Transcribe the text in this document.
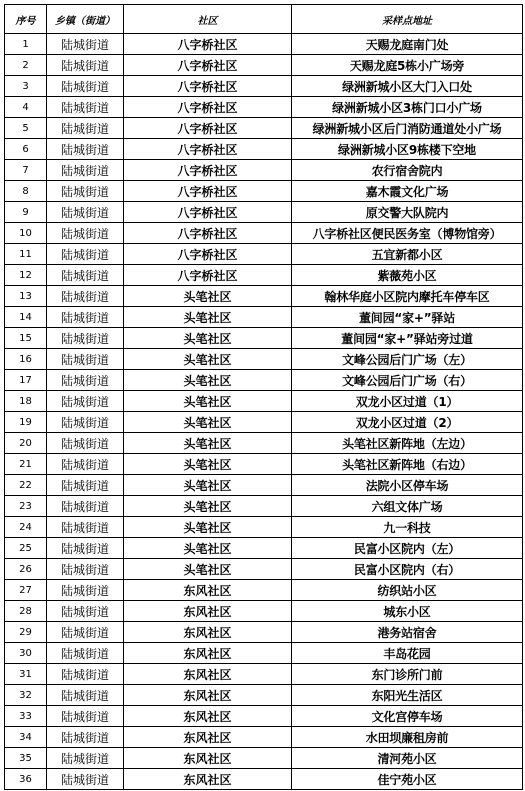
序号	乡镇（街道）	社区	采样点地址
1	陆城街道	八字桥社区	天赐龙庭南门处
2	陆城街道	八字桥社区	天赐龙庭5栋小广场旁
3	陆城街道	八字桥社区	绿洲新城小区大门入口处
4	陆城街道	八字桥社区	绿洲新城小区3栋门口小广场
5	陆城街道	八字桥社区	绿洲新城小区后门消防通道处小广场
6	陆城街道	八字桥社区	绿洲新城小区9栋楼下空地
7	陆城街道	八字桥社区	农行宿舍院内
8	陆城街道	八字桥社区	嘉木霞文化广场
9	陆城街道	八字桥社区	原交警大队院内
10	陆城街道	八字桥社区	八字桥社区便民医务室（博物馆旁）
11	陆城街道	八字桥社区	五宜新都小区
12	陆城街道	八字桥社区	紫薇苑小区
13	陆城街道	头笔社区	翰林华庭小区院内摩托车停车区
14	陆城街道	头笔社区	董间园“家+”驿站
15	陆城街道	头笔社区	董间园“家+”驿站旁过道
16	陆城街道	头笔社区	文峰公园后门广场（左）
17	陆城街道	头笔社区	文峰公园后门广场（右）
18	陆城街道	头笔社区	双龙小区过道（1）
19	陆城街道	头笔社区	双龙小区过道（2）
20	陆城街道	头笔社区	头笔社区新阵地（左边）
21	陆城街道	头笔社区	头笔社区新阵地（右边）
22	陆城街道	头笔社区	法院小区停车场
23	陆城街道	头笔社区	六组文体广场
24	陆城街道	头笔社区	九一科技
25	陆城街道	头笔社区	民富小区院内（左）
26	陆城街道	头笔社区	民富小区院内（右）
27	陆城街道	东风社区	纺织站小区
28	陆城街道	东风社区	城东小区
29	陆城街道	东风社区	港务站宿舍
30	陆城街道	东风社区	丰岛花园
31	陆城街道	东风社区	东门诊所门前
32	陆城街道	东风社区	东阳光生活区
33	陆城街道	东风社区	文化宫停车场
34	陆城街道	东风社区	水田坝廉租房前
35	陆城街道	东风社区	清河苑小区
36	陆城街道	东风社区	佳宁苑小区
